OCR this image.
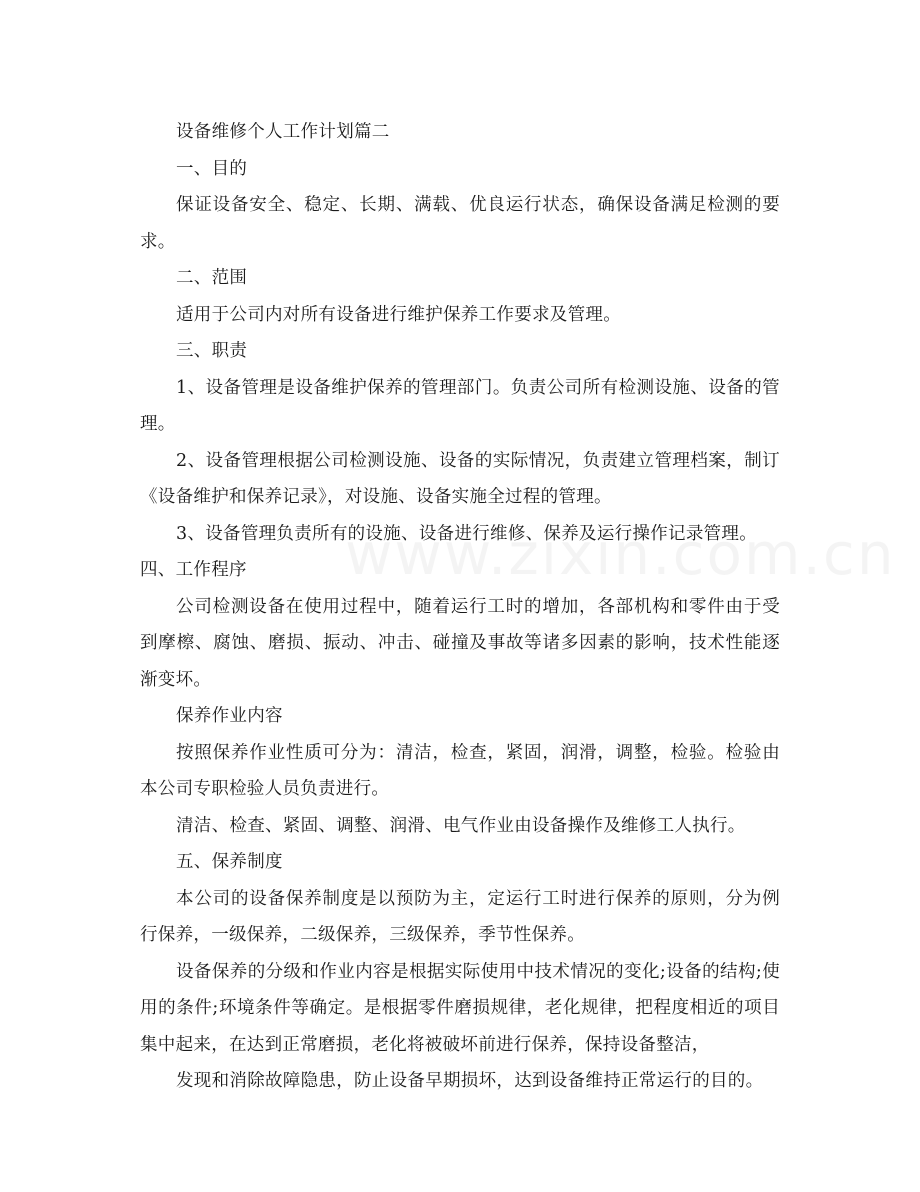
设备维修个人工作计划篇二

一、目的

保证设备安全、稳定、长期、满载、优良运行状态，确保设备满足检测的要求。

二、范围

适用于公司内对所有设备进行维护保养工作要求及管理。

三、职责

1、设备管理是设备维护保养的管理部门。负责公司所有检测设施、设备的管理。

2、设备管理根据公司检测设施、设备的实际情况，负责建立管理档案，制订《设备维护和保养记录》，对设施、设备实施全过程的管理。

3、设备管理负责所有的设施、设备进行维修、保养及运行操作记录管理。

四、工作程序

公司检测设备在使用过程中，随着运行工时的增加，各部机构和零件由于受到摩檫、腐蚀、磨损、振动、冲击、碰撞及事故等诸多因素的影响，技术性能逐渐变坏。

保养作业内容

按照保养作业性质可分为：清洁，检查，紧固，润滑，调整，检验。检验由本公司专职检验人员负责进行。

清洁、检查、紧固、调整、润滑、电气作业由设备操作及维修工人执行。

五、保养制度

本公司的设备保养制度是以预防为主，定运行工时进行保养的原则，分为例行保养，一级保养，二级保养，三级保养，季节性保养。

设备保养的分级和作业内容是根据实际使用中技术情况的变化;设备的结构;使用的条件;环境条件等确定。是根据零件磨损规律，老化规律，把程度相近的项目集中起来，在达到正常磨损，老化将被破坏前进行保养，保持设备整洁，

发现和消除故障隐患，防止设备早期损坏，达到设备维持正常运行的目的。
